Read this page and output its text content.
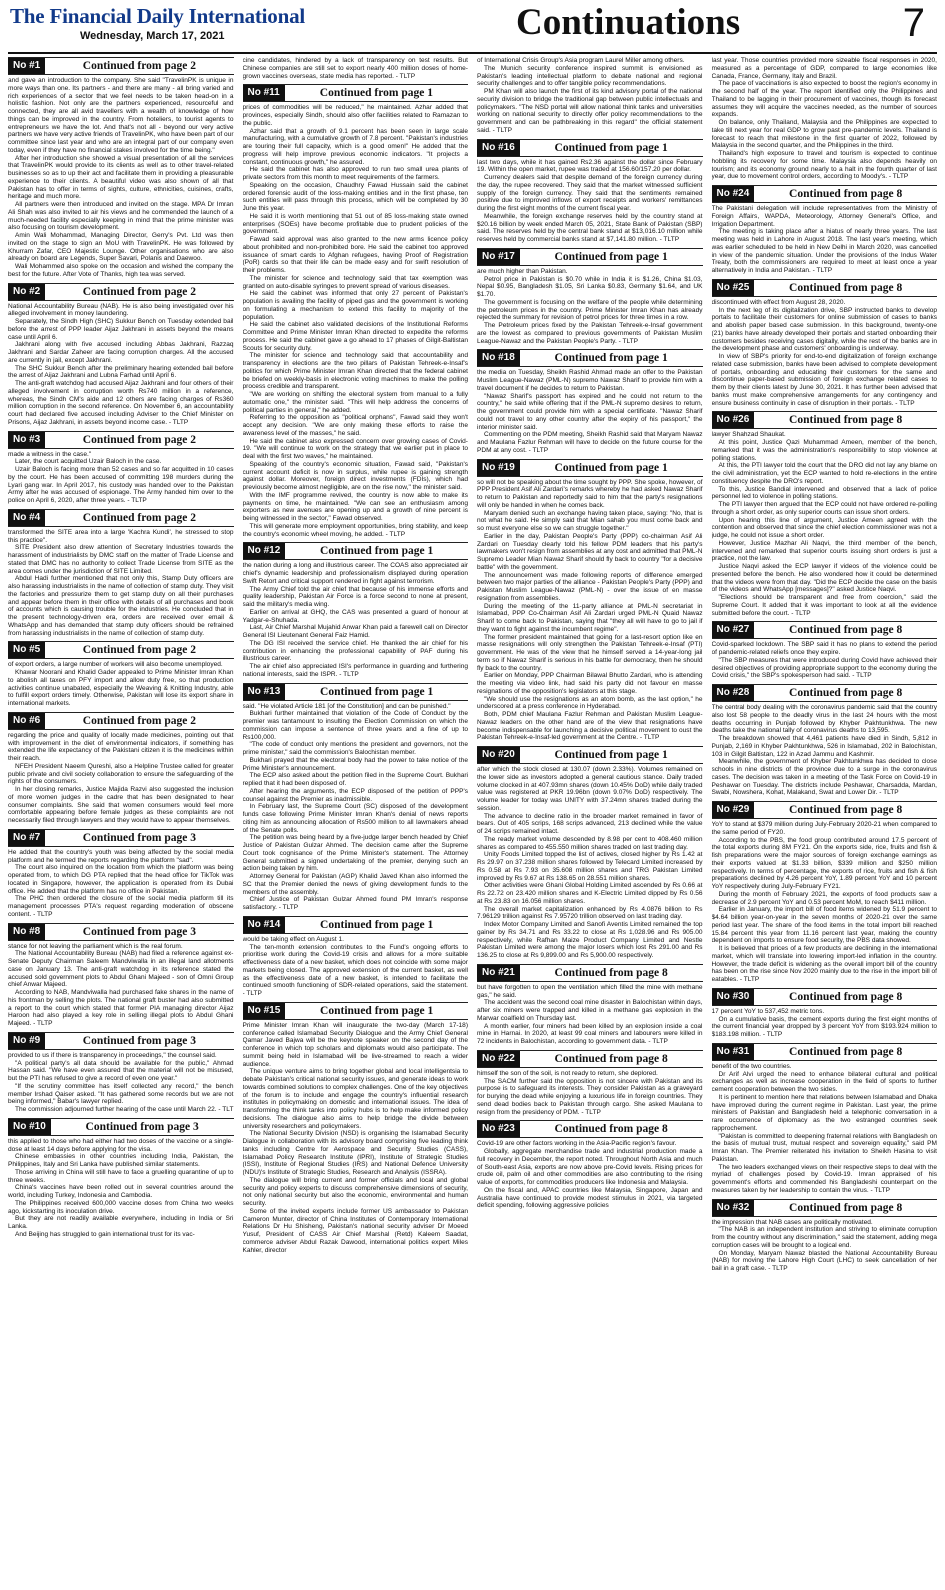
The Financial Daily International
Wednesday, March 17, 2021	Continuations	7
No #1	Continued from page 2

and gave an introduction to the company. She said "TravelinPK is unique in more ways than one. Its partners - and there are many - all bring varied and rich experiences of a sector that we feel needs to be taken head-on in a holistic fashion. Not only are the partners experienced, resourceful and connected, they are all avid travellers with a wealth of knowledge of how things can be improved in the country. From hoteliers, to tourist agents to entrepreneurs we have the lot. And that's not all - beyond our very active partners we have very active friends of TravelinPK, who have been part of our committee since last year and who are an integral part of our company even today, even if they have no financial stakes involved for the time being."

After her introduction she showed a visual presentation of all the services that TravelinPK would provide to its clients as well as to other travel-related businesses so as to up their act and facilitate them in providing a pleasurable experience to their clients. A beautiful video was also shown of all that Pakistan has to offer in terms of sights, culture, ethnicities, cuisines, crafts, heritage and much more.

All partners were then introduced and invited on the stage. MPA Dr Imran Ali Shah was also invited to air his views and he commended the launch of a much-needed facility especially keeping in mind that the prime minister was also focusing on tourism development.

Amin Wali Mohammad, Managing Director, Gerry's Pvt. Ltd was then invited on the stage to sign an MoU with TravelinPK. He was followed by Khurram Zafar, CEO Majestic Lounge. Other organisations who are also already on board are Legends, Super Savari, Polanis and Daewoo.

Wali Mohammed also spoke on the occasion and wished the company the best for the future. After Vote of Thanks, high tea was served.

No #2	Continued from page 2

National Accountability Bureau (NAB). He is also being investigated over his alleged involvement in money laundering.

Separately, the Sindh High (SHC) Sukkur Bench on Tuesday extended bail before the arrest of PPP leader Aijaz Jakhrani in assets beyond the means case until April 6.

Jakhrani along with five accused including Abbas Jakhrani, Razzaq Jakhrani and Sardar Zaheer are facing corruption charges. All the accused are currently in jail, except Jakhrani.

The SHC Sukkur Bench after the preliminary hearing extended bail before the arrest of Aijaz Jakhrani and Lubna Farhad until April 6.

The anti-graft watchdog had accused Aijaz Jakhrani and four others of their alleged involvement in corruption worth Rs740 million in a reference, whereas, the Sindh CM's aide and 12 others are facing charges of Rs360 million corruption in the second reference. On November 6, an accountability court had declared five accused including Adviser to the Chief Minister on Prisons, Aijaz Jakhrani, in assets beyond income case. - TLTP

No #3	Continued from page 2

made a witness in the case."

Later, the court acquitted Uzair Baloch in the case.

Uzair Baloch is facing more than 52 cases and so far acquitted in 10 cases by the court. He has been accused of committing 198 murders during the Lyari gang war. In April 2017, his custody was handed over to the Pakistan Army after he was accused of espionage. The Army handed him over to the police on April 6, 2020, after three years. - TLTP

No #4	Continued from page 2

transformed the SITE area into a large 'Kachra Kundi', he stressed to stop this practice".

SITE President also drew attention of Secretary Industries towards the harassment of industrialists by DMC staff on the matter of Trade License and stated that DMC has no authority to collect Trade License from SITE as the area comes under the jurisdiction of SITE Limited.

Abdul Hadi further mentioned that not only this, Stamp Duty officers are also harassing industrialists in the name of collection of stamp duty. They visit the factories and pressurize them to get stamp duty on all their purchases and appear before them in their office with details of all purchases and book of accounts which is causing trouble for the industries. He concluded that in the present technology-driven era, orders are received over email & WhatsApp and has demanded that stamp duty officers should be refrained from harassing industrialists in the name of collection of stamp duty.

No #5	Continued from page 2

of export orders, a large number of workers will also become unemployed.

Khawar Noorani and Khalid Gader appealed to Prime Minister Imran Khan to abolish all taxes on PFY import and allow duty free, so that production activities continue unabated, especially the Weaving & Knitting Industry, able to fulfill export orders timely. Otherwise, Pakistan will lose its export share in international markets.

No #6	Continued from page 2

regarding the price and quality of locally made medicines, pointing out that with improvement in the diet of environmental indicators, if something has extended the life expectancy of the Pakistani citizen it is the medicines within their reach.

NFEH President Naeem Qureshi, also a Helpline Trustee called for greater public private and civil society collaboration to ensure the safeguarding of the rights of the consumers.

In her closing remarks, Justice Majida Razvi also suggested the inclusion of more women judges in the cadre that has been designated to hear consumer complaints. She said that women consumers would feel more comfortable appearing before female judges as these complaints are not necessarily filed through lawyers and they would have to appear themselves.

No #7	Continued from page 3

He added that the country's youth was being affected by the social media platform and he termed the reports regarding the platform "sad".

The court also inquired on the location from which the platform was being operated from, to which DG PTA replied that the head office for TikTok was located in Singapore, however, the application is operated from its Dubai office. He added that the platform has no office in Pakistan.

The PHC then ordered the closure of the social media platform till its management processes PTA's request regarding moderation of obscene content. - TLTP

No #8	Continued from page 3

stance for not leaving the parliament which is the real forum.

The National Accountability Bureau (NAB) had filed a reference against ex-Senate Deputy Chairman Saleem Mandviwalla in an illegal land allotments case on January 13. The anti-graft watchdog in its reference stated the accused sold government plots to Abdul Ghani Majeed - son of Omni Group chief Anwar Majeed.

According to NAB, Mandviwalla had purchased fake shares in the name of his frontman by selling the plots. The national graft buster had also submitted a report to the court which stated that former PIA managing director Aijaz Haroon had also played a key role in selling illegal plots to Abdul Ghani Majeed. - TLTP

No #9	Continued from page 3

provided to us if there is transparency in proceedings," the counsel said.

"A political party's all data should be available for the public," Ahmad Hassan said. "We have even assured that the material will not be misused, but the PTI has refused to give a record of even one year."

"If the scrutiny committee has itself collected any record," the bench member Irshad Qaiser asked. "It has gathered some records but we are not being informed," Babar's lawyer replied.

The commission adjourned further hearing of the case until March 22. - TLT

No #10	Continued from page 3

this applied to those who had either had two doses of the vaccine or a single-dose at least 14 days before applying for the visa.

Chinese embassies in other countries including India, Pakistan, the Philippines, Italy and Sri Lanka have published similar statements.

Those arriving in China will still have to face a gruelling quarantine of up to three weeks.

China's vaccines have been rolled out in several countries around the world, including Turkey, Indonesia and Cambodia.

The Philippines received 600,000 vaccine doses from China two weeks ago, kickstarting its inoculation drive.

But they are not readily available everywhere, including in India or Sri Lanka.

And Beijing has struggled to gain international trust for its vac-

cine candidates, hindered by a lack of transparency on test results. But Chinese companies are still set to export nearly 400 million doses of home-grown vaccines overseas, state media has reported. - TLTP

No #11	Continued from page 1

prices of commodities will be reduced," he maintained. Azhar added that provinces, especially Sindh, should also offer facilities related to Ramazan to the public.

Azhar said that a growth of 9.1 percent has been seen in large scale manufacturing, with a cumulative growth of 7.8 percent. "Pakistan's industries are touring their full capacity, which is a good omen!" He added that the progress will help improve previous economic indicators. "It projects a constant, continuous growth," he assured.

He said the cabinet has also approved to run two small urea plants of private sectors from this month to meet requirements of the farmers.

Speaking on the occasion, Chaudhry Fawad Hussain said the cabinet ordered forensic audit of the loss-making entities and in the first phase, ten such entities will pass through this process, which will be completed by 30 June this year.

He said it is worth mentioning that 51 out of 85 loss-making state owned enterprises (SOEs) have become profitable due to prudent policies of the government.

Fawad said approval was also granted to the new arms licence policy about prohibited and non-prohibited bore. He said the cabinet too approved issuance of smart cards to Afghan refugees, having Proof of Registration (PoR) cards so that their life can be made easy and for swift resolution of their problems.

The minister for science and technology said that tax exemption was granted on auto-disable syringes to prevent spread of various diseases.

He said the cabinet was informed that only 27 percent of Pakistan's population is availing the facility of piped gas and the government is working on formulating a mechanism to extend this facility to majority of the population.

He said the cabinet also validated decisions of the Institutional Reforms Committee and Prime Minister Imran Khan directed to expedite the reforms process. He said the cabinet gave a go ahead to 17 phases of Gilgit-Baltistan Scouts for security duty.

The minister for science and technology said that accountability and transparency in elections are the two pillars of Pakistan Tehreek-e-Insaf's politics for which Prime Minister Imran Khan directed that the federal cabinet be briefed on weekly-basis in electronic voting machines to make the polling process credible and transparent.

"We are working on shifting the electoral system from manual to a fully automatic one," the minister said. "This will help address the concerns of political parties in general," he added.

Referring to the opposition as "political orphans", Fawad said they won't accept any decision. "We are only making these efforts to raise the awareness level of the masses," he said.

He said the cabinet also expressed concern over growing cases of Covid-19. "We will continue to work on the strategy that we earlier put in place to deal with the first two waves," he maintained.

Speaking of the country's economic situation, Fawad said, "Pakistan's current account deficit is now in surplus, while rupee is gaining strength against dollar. Moreover, foreign direct investments (FDIs), which had previously become almost negligible, are on the rise now," the minister said.

With the IMF programme revived, the country is now able to make its payments on time, he maintained. "We can see an enthusiasm among exporters as new avenues are opening up and a growth of nine percent is being witnessed in the sector," Fawad observed.

This will generate more employment opportunities, bring stability, and keep the country's economic wheel moving, he added. - TLTP

No #12	Continued from page 1

the nation during a long and illustrious career. The COAS also appreciated air chief's dynamic leadership and professionalism displayed during operation Swift Retort and critical support rendered in fight against terrorism.

The Army Chief told the air chief that because of his immense efforts and quality leadership, Pakistan Air Force is a force second to none at present, said the military's media wing.

Earlier on arrival at GHQ, the CAS was presented a guard of honour at Yadgar-e-Shuhada.

Last, Air Chief Marshal Mujahid Anwar Khan paid a farewell call on Director General ISI Lieutenant General Faiz Hamid.

The DG ISI received the service chief. He thanked the air chief for his contribution in enhancing the professional capability of PAF during his illustrious career.

The air chief also appreciated ISI's performance in guarding and furthering national interests, said the ISPR. - TLTP

No #13	Continued from page 1

said. "He violated Article 181 [of the Constitution] and can be punished."

Bukhari further maintained that violation of the Code of Conduct by the premier was tantamount to insulting the Election Commission on which the commission can impose a sentence of three years and a fine of up to Rs100,000.

"The code of conduct only mentions the president and governors, not the prime minister," said the commission's Balochistan member.

Bukhari prayed that the electoral body had the power to take notice of the Prime Minister's announcement.

The ECP also asked about the petition filed in the Supreme Court. Bukhari replied that it had been disposed of.

After hearing the arguments, the ECP disposed of the petition of PPP's counsel against the Premier as inadmissible.

In February last, the Supreme Court (SC) disposed of the development funds case following Prime Minister Imran Khan's denial of news reports citing him as announcing allocation of Rs500 million to all lawmakers ahead of the Senate polls.

The petition was being heard by a five-judge larger bench headed by Chief Justice of Pakistan Gulzar Ahmed. The decision came after the Supreme Court took cognisance of the Prime Minister's statement. The Attorney General submitted a signed undertaking of the premier, denying such an action being taken by him.

Attorney General for Pakistan (AGP) Khalid Javed Khan also informed the SC that the Premier denied the news of giving development funds to the members of the assembly.

Chief Justice of Pakistan Gulzar Ahmed found PM Imran's response satisfactory. - TLTP

No #14	Continued from page 1

would be taking effect on August 1.

The ten-month extension contributes to the Fund's ongoing efforts to prioritise work during the Covid-19 crisis and allows for a more suitable effectiveness date of a new basket, which does not coincide with some major markets being closed. The approved extension of the current basket, as well as the effectiveness date of a new basket, is intended to facilitate the continued smooth functioning of SDR-related operations, said the statement. - TLTP

No #15	Continued from page 1

Prime Minister Imran Khan will inaugurate the two-day (March 17-18) conference called Islamabad Security Dialogue and the Army Chief General Qamar Javed Bajwa will be the keynote speaker on the second day of the conference in which top scholars and diplomats would also participate. The summit being held in Islamabad will be live-streamed to reach a wider audience.

The unique venture aims to bring together global and local intelligentsia to debate Pakistan's critical national security issues, and generate ideas to work towards combined solutions to complex challenges. One of the key objectives of the forum is to include and engage the country's influential research institutes in policymaking on domestic and international issues. The idea of transforming the think tanks into policy hubs is to help make informed policy decisions. The dialogue also aims to help bridge the divide between university researchers and policymakers.

The National Security Division (NSD) is organising the Islamabad Security Dialogue in collaboration with its advisory board comprising five leading think tanks including Centre for Aerospace and Security Studies (CASS), Islamabad Policy Research Institute (IPRI), Institute of Strategic Studies (ISSI), Institute of Regional Studies (IRS) and National Defence University (NDU)'s Institute of Strategic Studies, Research and Analysis (ISSRA).

The dialogue will bring current and former officials and local and global security and policy experts to discuss comprehensive dimensions of security, not only national security but also the economic, environmental and human security.

Some of the invited experts include former US ambassador to Pakistan Cameron Munter, director of China Institutes of Contemporary International Relations Dr Hu Shisheng, Pakistan's national security adviser Dr Moeed Yusuf, President of CASS Air Chief Marshal (Retd) Kaleem Saadat, commerce adviser Abdul Razak Dawood, international politics expert Miles Kahler, director

of International Crisis Group's Asia program Laurel Miller among others.

The Munich security conference inspired summit is envisioned as Pakistan's leading intellectual platform to debate national and regional security challenges and to offer tangible policy recommendations.

PM Khan will also launch the first of its kind advisory portal of the national security division to bridge the traditional gap between public intellectuals and policymakers. "The NSD portal will allow national think tanks and universities working on national security to directly offer policy recommendations to the government and can be pathbreaking in this regard" the official statement said. - TLTP

No #16	Continued from page 1

last two days, while it has gained Rs2.36 against the dollar since February 19. Within the open market, rupee was traded at 156.60/157.20 per dollar.

Currency dealers said that despite demand of the foreign currency during the day, the rupee recovered. They said that the market witnessed sufficient supply of the foreign currency. They said that the sentiments remained positive due to improved inflows of export receipts and workers' remittances during the first eight months of the current fiscal year.

Meanwhile, the foreign exchange reserves held by the country stand at $20.16 billion by week ended March 05, 2021, State Bank of Pakistan (SBP) said. The reserves held by the central bank stand at $13,016.10 million while reserves held by commercial banks stand at $7,141.80 million. - TLTP

No #17	Continued from page 1

are much higher than Pakistan.

Petrol price in Pakistan is $0.70 while in India it is $1.26, China $1.03, Nepal $0.95, Bangladesh $1.05, Sri Lanka $0.83, Germany $1.64, and UK $1.70.

The government is focusing on the welfare of the people while determining the petroleum prices in the country. Prime Minister Imran Khan has already rejected the summary for revision of petrol prices for three times in a row.

The Petroleum prices fixed by the Pakistan Tehreek-e-Insaf government are the lowest as compared to previous governments of Pakistan Muslim League-Nawaz and the Pakistan People's Party. - TLTP

No #18	Continued from page 1

the media on Tuesday, Sheikh Rashid Ahmad made an offer to the Pakistan Muslim League-Nawaz (PML-N) supremo Nawaz Sharif to provide him with a travel document if he decides to return to Pakistan.

"Nawaz Sharif's passport has expired and he could not return to the country," he said while offering that if the PML-N supremo desires to return, the government could provide him with a special certificate. "Nawaz Sharif could not travel to any other country after the expiry of his passport," the interior minister said.

Commenting on the PDM meeting, Sheikh Rashid said that Maryam Nawaz and Maulana Fazlur Rehman will have to decide on the future course for the PDM at any cost. - TLTP

No #19	Continued from page 1

so will not be speaking about the time sought by PPP. She spoke, however, of PPP President Asif Ali Zardari's remarks whereby he had asked Nawaz Sharif to return to Pakistan and reportedly said to him that the party's resignations will only be handed in when he comes back.

Maryam denied such an exchange having taken place, saying: "No, that is not what he said. He simply said that Mian sahab you must come back and so must everyone else so we can struggle together."

Earlier in the day, Pakistan People's Party (PPP) co-chairman Asif Ali Zardari on Tuesday clearly told his fellow PDM leaders that his party's lawmakers won't resign from assemblies at any cost and admitted that PML-N Supremo Leader Mian Nawaz Sharif should fly back to country "for a decisive battle" with the government.

The announcement was made following reports of difference emerged between two major parties of the alliance - Pakistan People's Party (PPP) and Pakistan Muslim League-Nawaz (PML-N) - over the issue of en masse resignation from assemblies.

During the meeting of the 11-party alliance at PML-N secretariat in Islamabad, PPP Co-Chairman Asif Ali Zardari urged PML-N Quaid Nawaz Sharif to come back to Pakistan, saying that "they all will have to go to jail if they want to fight against the incumbent regime".

The former president maintained that going for a last-resort option like en masse resignations will only strengthen the Pakistan Tehreek-e-Insaf (PTI) government. He was of the view that he himself served a 14-year-long jail term so if Nawaz Sharif is serious in his battle for democracy, then he should fly back to the country.

Earlier on Monday, PPP Chairman Bilawal Bhutto Zardari, who is attending the meeting via video link, had said his party did not favour en masse resignations of the opposition's legislators at this stage.

"We should use the resignations as an atom bomb, as the last option," he underscored at a press conference in Hyderabad.

Both, PDM chief Maulana Fazlur Rehman and Pakistan Muslim League-Nawaz leaders on the other hand are of the view that resignations have become indispensable for launching a decisive political movement to oust the Pakistan Tehreek-e-Insaf-led government at the Centre. - TLTP

No #20	Continued from page 1

after which the stock closed at 130.07 (down 2.33%). Volumes remained on the lower side as investors adopted a general cautious stance. Daily traded volume clocked in at 407.93mn shares (down 10.45% DoD) while daily traded value was registered at PKR 19.96bn (down 9.07% DoD) respectively. The volume leader for today was UNITY with 37.24mn shares traded during the session.

The advance to decline ratio in the broader market remained in favor of bears. Out of 405 scrips, 168 scrips advanced, 213 declined while the value of 24 scrips remained intact.

The ready market volume descended by 8.98 per cent to 408.460 million shares as compared to 455.550 million shares traded on last trading day.

Unity Foods Limited topped the list of actives, closed higher by Rs 1.42 at Rs 29.97 on 37.238 million shares followed by Telecard Limited increased by Rs 0.58 at Rs 7.93 on 35.608 million shares and TRG Pakistan Limited improved by Rs 9.67 at Rs 138.65 on 28.551 million shares.

Other activities were Ghani Global Holding Limited ascended by Rs 0.66 at Rs 22.72 on 23.420 million shares and K-Electric Limited dipped by Rs 0.56 at Rs 23.83 on 16.056 million shares.

The overall market capitalization enhanced by Rs 4.0876 billion to Rs 7.96129 trillion against Rs 7.95720 trillion observed on last trading day.

Index Motor Company Limited and Sanofi Aventis Limited remained the top gainer by Rs 34.71 and Rs 33.22 to close at Rs 1,028.96 and Rs 905.00 respectively, while Rafhan Maize Product Company Limited and Nestle Pakistan Limited were among the major losers which lost Rs 291.00 and Rs 136.25 to close at Rs 9,899.00 and Rs 5,900.00 respectively.

No #21	Continued from page 8

but have forgotten to open the ventilation which filled the mine with methane gas," he said.

The accident was the second coal mine disaster in Balochistan within days, after six miners were trapped and killed in a methane gas explosion in the Marwar coalfield on Thursday last.

A month earlier, four miners had been killed by an explosion inside a coal mine in Harnai. In 2020, at least 99 coal miners and labourers were killed in 72 incidents in Balochistan, according to government data. - TLTP

No #22	Continued from page 8

himself the son of the soil, is not ready to return, she deplored.

The SACM further said the opposition is not sincere with Pakistan and its purpose is to safeguard its interests. They consider Pakistan as a graveyard for burying the dead while enjoying a luxurious life in foreign countries. They send dead bodies back to Pakistan through cargo. She asked Maulana to resign from the presidency of PDM. - TLTP

No #23	Continued from page 8

Covid-19 are other factors working in the Asia-Pacific region's favour.

Globally, aggregate merchandise trade and industrial production made a full recovery in December, the report noted. Throughout North Asia and much of South-east Asia, exports are now above pre-Covid levels. Rising prices for crude oil, palm oil and other commodities are also contributing to the rising value of exports, for commodities producers like Indonesia and Malaysia.

On the fiscal and, APAC countries like Malaysia, Singapore, Japan and Australia have continued to provide modest stimulus in 2021, via targeted deficit spending, following aggressive policies

last year. Those countries provided more sizeable fiscal responses in 2020, measured as a percentage of GDP, compared to large economies like Canada, France, Germany, Italy and Brazil.

The pace of vaccinations is also expected to boost the region's economy in the second half of the year. The report identified only the Philippines and Thailand to be lagging in their procurement of vaccines, though its forecast assumes they will acquire the vaccines needed, as the number of sources expands.

On balance, only Thailand, Malaysia and the Philippines are expected to take till next year for real GDP to grow past pre-pandemic levels. Thailand is forecast to reach that milestone in the first quarter of 2022, followed by Malaysia in the second quarter, and the Philippines in the third.

Thailand's high exposure to travel and tourism is expected to continue hobbling its recovery for some time. Malaysia also depends heavily on tourism; and its economy ground nearly to a halt in the fourth quarter of last year, due to movement control orders, according to Moody's. - TLTP

No #24	Continued from page 8

The Pakistani delegation will include representatives from the Ministry of Foreign Affairs, WAPDA, Meteorology, Attorney General's Office, and Irrigation Department.

The meeting is taking place after a hiatus of nearly three years. The last meeting was held in Lahore in August 2018. The last year's meeting, which was earlier scheduled to be held in New Delhi in March 2020, was cancelled in view of the pandemic situation. Under the provisions of the Indus Water Treaty, both the commissioners are required to meet at least once a year alternatively in India and Pakistan. - TLTP

No #25	Continued from page 8

discontinued with effect from August 28, 2020.

In the next leg of its digitalization drive, SBP instructed banks to develop portals to facilitate their customers for online submission of cases to banks and abolish paper based case submission. In this background, twenty-one (21) banks have already developed their portals and started onboarding their customers besides receiving cases digitally, while the rest of the banks are in the development phase and customers' onboarding is underway.

In view of SBP's priority for end-to-end digitalization of foreign exchange related case submission, banks have been advised to complete development of portals, onboarding and educating their customers for the same and discontinue paper-based submission of foreign exchange related cases to them by their clients latest by June 30, 2021. It has further been advised that banks must make comprehensive arrangements for any contingency and ensure business continuity in case of disruption in their portals. - TLTP

No #26	Continued from page 8

lawyer Shahzad Shaukat.

At this point, Justice Qazi Muhammad Ameen, member of the bench, remarked that it was the administration's responsibility to stop violence at polling stations.

At this, the PTI lawyer told the court that the DRO did not lay any blame on the civil administration, yet the ECP wanted to hold re-elections in the entire constituency despite the DRO's report.

To this, Justice Bandial intervened and observed that a lack of police personnel led to violence in polling stations.

The PTI lawyer then argued that the ECP could not have ordered re-polling through a short order, as only superior courts can issue short orders.

Upon hearing this line of argument, Justice Ameen agreed with the contention and observed that since the chief election commissioner was not a judge, he could not issue a short order.

However, Justice Mazhar Ali Naqvi, the third member of the bench, intervened and remarked that superior courts issuing short orders is just a practice, not the law.

Justice Naqvi asked the ECP lawyer if videos of the violence could be presented before the bench. He also wondered how it could be determined that the videos were from that day. "Did the ECP decide the case on the basis of the videos and WhatsApp [messages]?" asked Justice Naqvi.

"Elections should be transparent and free from coercion," said the Supreme Court. It added that it was important to look at all the evidence submitted before the court. - TLTP

No #27	Continued from page 8

Covid-sparked lockdown. The SBP said it has no plans to extend the period of pandemic-related reliefs once they expire.

"The SBP measures that were introduced during Covid have achieved their desired objectives of providing appropriate support to the economy during the Covid crisis," the SBP's spokesperson had said. - TLTP

No #28	Continued from page 8

The central body dealing with the coronavirus pandemic said that the country also lost 58 people to the deadly virus in the last 24 hours with the most deaths occurring in Punjab followed by Khyber Pakhtunkhwa. The new deaths take the national tally of coronavirus deaths to 13,595.

The breakdown showed that 4,461 patients have died in Sindh, 5,812 in Punjab, 2,169 in Khyber Pakhtunkhwa, 526 in Islamabad, 202 in Balochistan, 103 in Gilgit Baltistan, 122 in Azad Jammu and Kashmir.

Meanwhile, the government of Khyber Pakhtunkhwa has decided to close schools in nine districts of the province due to a surge in the coronavirus cases. The decision was taken in a meeting of the Task Force on Covid-19 in Peshawar on Tuesday. The districts include Peshawar, Charsadda, Mardan, Swabi, Nowshera, Kohat, Malakand, Swat and Lower Dir. - TLTP

No #29	Continued from page 8

YoY to stand at $379 million during July-February 2020-21 when compared to the same period of FY20.

According to the PBS, the food group contributed around 17.5 percent of the total exports during 8M FY21. On the exports side, rice, fruits and fish & fish preparations were the major sources of foreign exchange earnings as their exports valued at $1.33 billion, $339 million and $250 million respectively. In terms of percentage, the exports of rice, fruits and fish & fish preparations declined by 4.26 percent YoY, 1.89 percent YoY and 10 percent YoY respectively during July-February FY21.

During the month of February 2021, the exports of food products saw a decrease of 2.9 percent YoY and 0.53 percent MoM, to reach $411 million.

Earlier in January, the import bill of food items widened by 51.9 percent to $4.64 billion year-on-year in the seven months of 2020-21 over the same period last year. The share of the food items in the total import bill reached 15.84 percent this year from 11.16 percent last year, making the country dependent on imports to ensure food security, the PBS data showed.

It is believed that prices of a few products are declining in the international market, which will translate into lowering import-led inflation in the country. However, the trade deficit is widening as the overall import bill of the country has been on the rise since Nov 2020 mainly due to the rise in the import bill of eatables. - TLTP

No #30	Continued from page 8

17 percent YoY to 537,452 metric tons.

On a cumulative basis, the cement exports during the first eight months of the current financial year dropped by 3 percent YoY from $193.924 million to $183.198 million. - TLTP

No #31	Continued from page 8

benefit of the two countries.

Dr Arif Alvi urged the need to enhance bilateral cultural and political exchanges as well as increase cooperation in the field of sports to further cement cooperation between the two sides.

It is pertinent to mention here that relations between Islamabad and Dhaka have improved during the current regime in Pakistan. Last year, the prime ministers of Pakistan and Bangladesh held a telephonic conversation in a rare occurrence of diplomacy as the two estranged countries seek rapprochement.

"Pakistan is committed to deepening fraternal relations with Bangladesh on the basis of mutual trust, mutual respect and sovereign equality," said PM Imran Khan. The Premier reiterated his invitation to Sheikh Hasina to visit Pakistan.

The two leaders exchanged views on their respective steps to deal with the myriad of challenges posed by Covid-19. Imran appraised of his government's efforts and commended his Bangladeshi counterpart on the measures taken by her leadership to contain the virus. - TLTP

No #32	Continued from page 8

the impression that NAB cases are politically motivated.

"The NAB is an independent institution and striving to eliminate corruption from the country without any discrimination," said the statement, adding mega corruption cases will be brought to a logical end.

On Monday, Maryam Nawaz blasted the National Accountability Bureau (NAB) for moving the Lahore High Court (LHC) to seek cancellation of her bail in a graft case. - TLTP
